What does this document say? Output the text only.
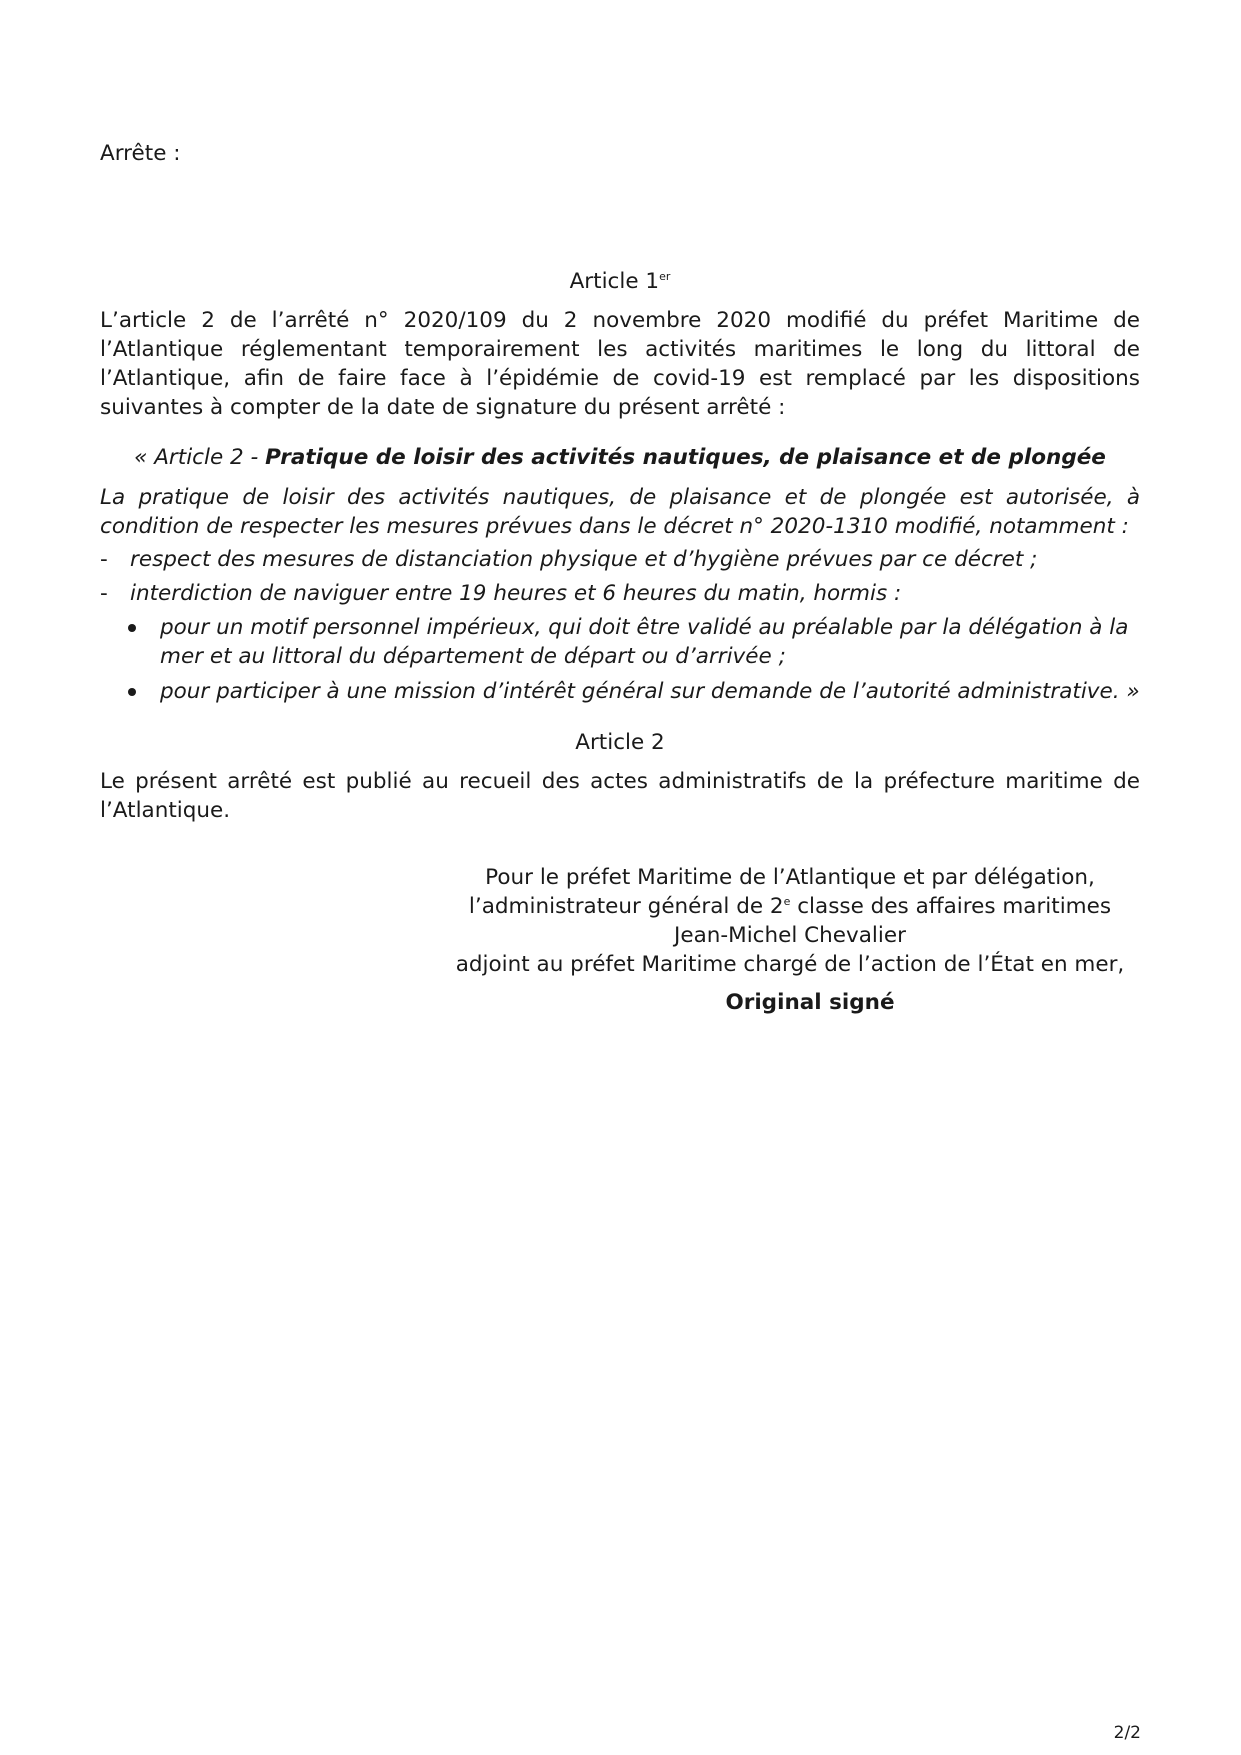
Arrête :
Article 1er
L’article 2 de l’arrêté n° 2020/109 du 2 novembre 2020 modifié du préfet Maritime de l’Atlantique réglementant temporairement les activités maritimes le long du littoral de l’Atlantique, afin de faire face à l’épidémie de covid-19 est remplacé par les dispositions suivantes à compter de la date de signature du présent arrêté :
« Article 2 - Pratique de loisir des activités nautiques, de plaisance et de plongée
La pratique de loisir des activités nautiques, de plaisance et de plongée est autorisée, à condition de respecter les mesures prévues dans le décret n° 2020-1310 modifié, notamment :
-	respect des mesures de distanciation physique et d’hygiène prévues par ce décret ;
-	interdiction de naviguer entre 19 heures et 6 heures du matin, hormis :
pour un motif personnel impérieux, qui doit être validé au préalable par la délégation à la mer et au littoral du département de départ ou d’arrivée ;
pour participer à une mission d’intérêt général sur demande de l’autorité administrative. »
Article 2
Le présent arrêté est publié au recueil des actes administratifs de la préfecture maritime de l’Atlantique.
Pour le préfet Maritime de l’Atlantique et par délégation,
l’administrateur général de 2e classe des affaires maritimes
Jean-Michel Chevalier
adjoint au préfet Maritime chargé de l’action de l’État en mer,
Original signé
2/2
